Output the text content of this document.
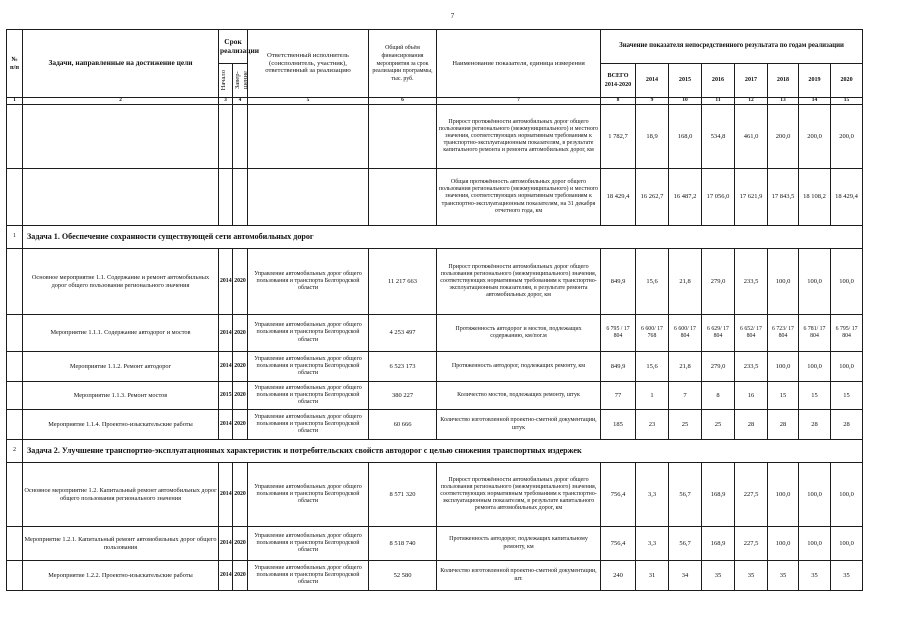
7
№ п/п	Задачи, направленные на достижение цели	Срок реализации		Ответственный исполнитель (соисполнитель, участник), ответственный за реализацию	Общий объём финансирования мероприятия за срок реализации программы, тыс. руб.	Наименование показателя, единица измерения	Значение показателя непосредственного результата по годам реализации							

		Начало	Завер-шение				ВСЕГО 2014-2020	2014	2015	2016	2017	2018	2019	2020
1	2	3	4	5	6	7	8	9	10	11	12	13	14	15
						Прирост протяжённости автомобильных дорог общего пользования регионального (межмуниципального) и местного значения, соответствующих нормативным требованиям к транспортно-эксплуатационным показателям, в результате капитального ремонта и ремонта автомобильных дорог, км	1 782,7	18,9	168,0	534,8	461,0	200,0	200,0	200,0
						Общая протяжённость автомобильных дорог общего пользования регионального (межмуниципального) и местного значения, соответствующих нормативным требованиям к транспортно-эксплуатационным показателям, на 31 декабря отчетного года, км	18 429,4	16 262,7	16 487,2	17 056,0	17 621,9	17 843,5	18 108,2	18 429,4
1	Задача 1. Обеспечение сохранности существующей сети автомобильных дорог													
	Основное мероприятие 1.1. Содержание и ремонт автомобильных дорог общего пользования регионального значения	2014	2020	Управление автомобильных дорог общего пользования и транспорта Белгородской области	11 217 663	Прирост протяжённости автомобильных дорог общего пользования регионального (межмуниципального) значения, соответствующих нормативным требованиям к транспортно-эксплуатационным показателям, в результате ремонта автомобильных дорог, км	849,9	15,6	21,8	279,0	233,5	100,0	100,0	100,0
	Мероприятие 1.1.1. Содержание автодорог и мостов	2014	2020	Управление автомобильных дорог общего пользования и транспорта Белгородской области	4 253 497	Протяженность автодорог и мостов, подлежащих содержанию, км/пог.м	6 795 / 17 804	6 600/ 17 768	6 600/ 17 804	6 629/ 17 804	6 652/ 17 804	6 723/ 17 804	6 781/ 17 804	6 795/ 17 804
	Мероприятие 1.1.2. Ремонт автодорог	2014	2020	Управление автомобильных дорог общего пользования и транспорта Белгородской области	6 523 173	Протяженность автодорог, подлежащих ремонту, км	849,9	15,6	21,8	279,0	233,5	100,0	100,0	100,0
	Мероприятие 1.1.3. Ремонт мостов	2015	2020	Управление автомобильных дорог общего пользования и транспорта Белгородской области	380 227	Количество мостов, подлежащих ремонту, штук	77	1	7	8	16	15	15	15
	Мероприятие 1.1.4. Проектно-изыскательские работы	2014	2020	Управление автомобильных дорог общего пользования и транспорта Белгородской области	60 666	Количество изготовленной проектно-сметной документации, штук	185	23	25	25	28	28	28	28
2	Задача 2. Улучшение транспортно-эксплуатационных характеристик и потребительских свойств автодорог с целью снижения транспортных издержек													
	Основное мероприятие 1.2. Капитальный ремонт автомобильных дорог общего пользования регионального значения	2014	2020	Управление автомобильных дорог общего пользования и транспорта Белгородской области	8 571 320	Прирост протяжённости автомобильных дорог общего пользования регионального (межмуниципального) значения, соответствующих нормативным требованиям к транспортно-эксплуатационным показателям, в результате капитального ремонта автомобильных дорог, км	756,4	3,3	56,7	168,9	227,5	100,0	100,0	100,0
	Мероприятие 1.2.1. Капитальный ремонт автомобильных дорог общего пользования	2014	2020	Управление автомобильных дорог общего пользования и транспорта Белгородской области	8 518 740	Протяженность автодорог, подлежащих капитальному ремонту, км	756,4	3,3	56,7	168,9	227,5	100,0	100,0	100,0
	Мероприятие 1.2.2. Проектно-изыскательские работы	2014	2020	Управление автомобильных дорог общего пользования и транспорта Белгородской области	52 580	Количество изготовленной проектно-сметной документации, шт.	240	31	34	35	35	35	35	35
